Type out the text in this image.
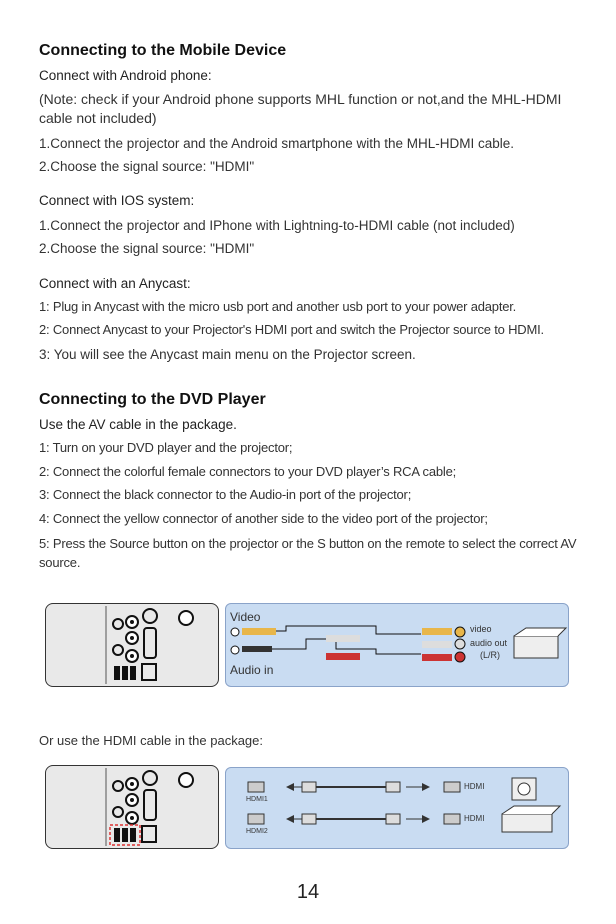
Connecting to the Mobile Device
Connect with Android phone:
(Note: check if your Android phone supports MHL function or not,and the MHL-HDMI cable not included)
1.Connect the projector and the Android smartphone with the MHL-HDMI cable.
2.Choose the signal source: "HDMI"
Connect with IOS system:
1.Connect the projector and IPhone with Lightning-to-HDMI cable (not included)
2.Choose the signal source: "HDMI"
Connect with an Anycast:
1: Plug in Anycast with the micro usb port and another usb port to your power adapter.
2: Connect Anycast to your Projector's HDMI port and switch the Projector source to HDMI.
3: You will see the Anycast main menu on the Projector screen.
Connecting to the DVD Player
Use the AV cable in the package.
1: Turn on your DVD player and the projector;
2: Connect the colorful female connectors to your DVD player’s RCA cable;
3: Connect the black connector to the Audio-in port of the projector;
4: Connect the yellow connector of another side to the video port of the projector;
5: Press the Source button on the projector or the S button on the remote to select the correct AV source.
Video
Audio in
video
audio out
(L/R)
Or use the HDMI cable in the package:
HDMI1
HDMI2
HDMI
HDMI
14
